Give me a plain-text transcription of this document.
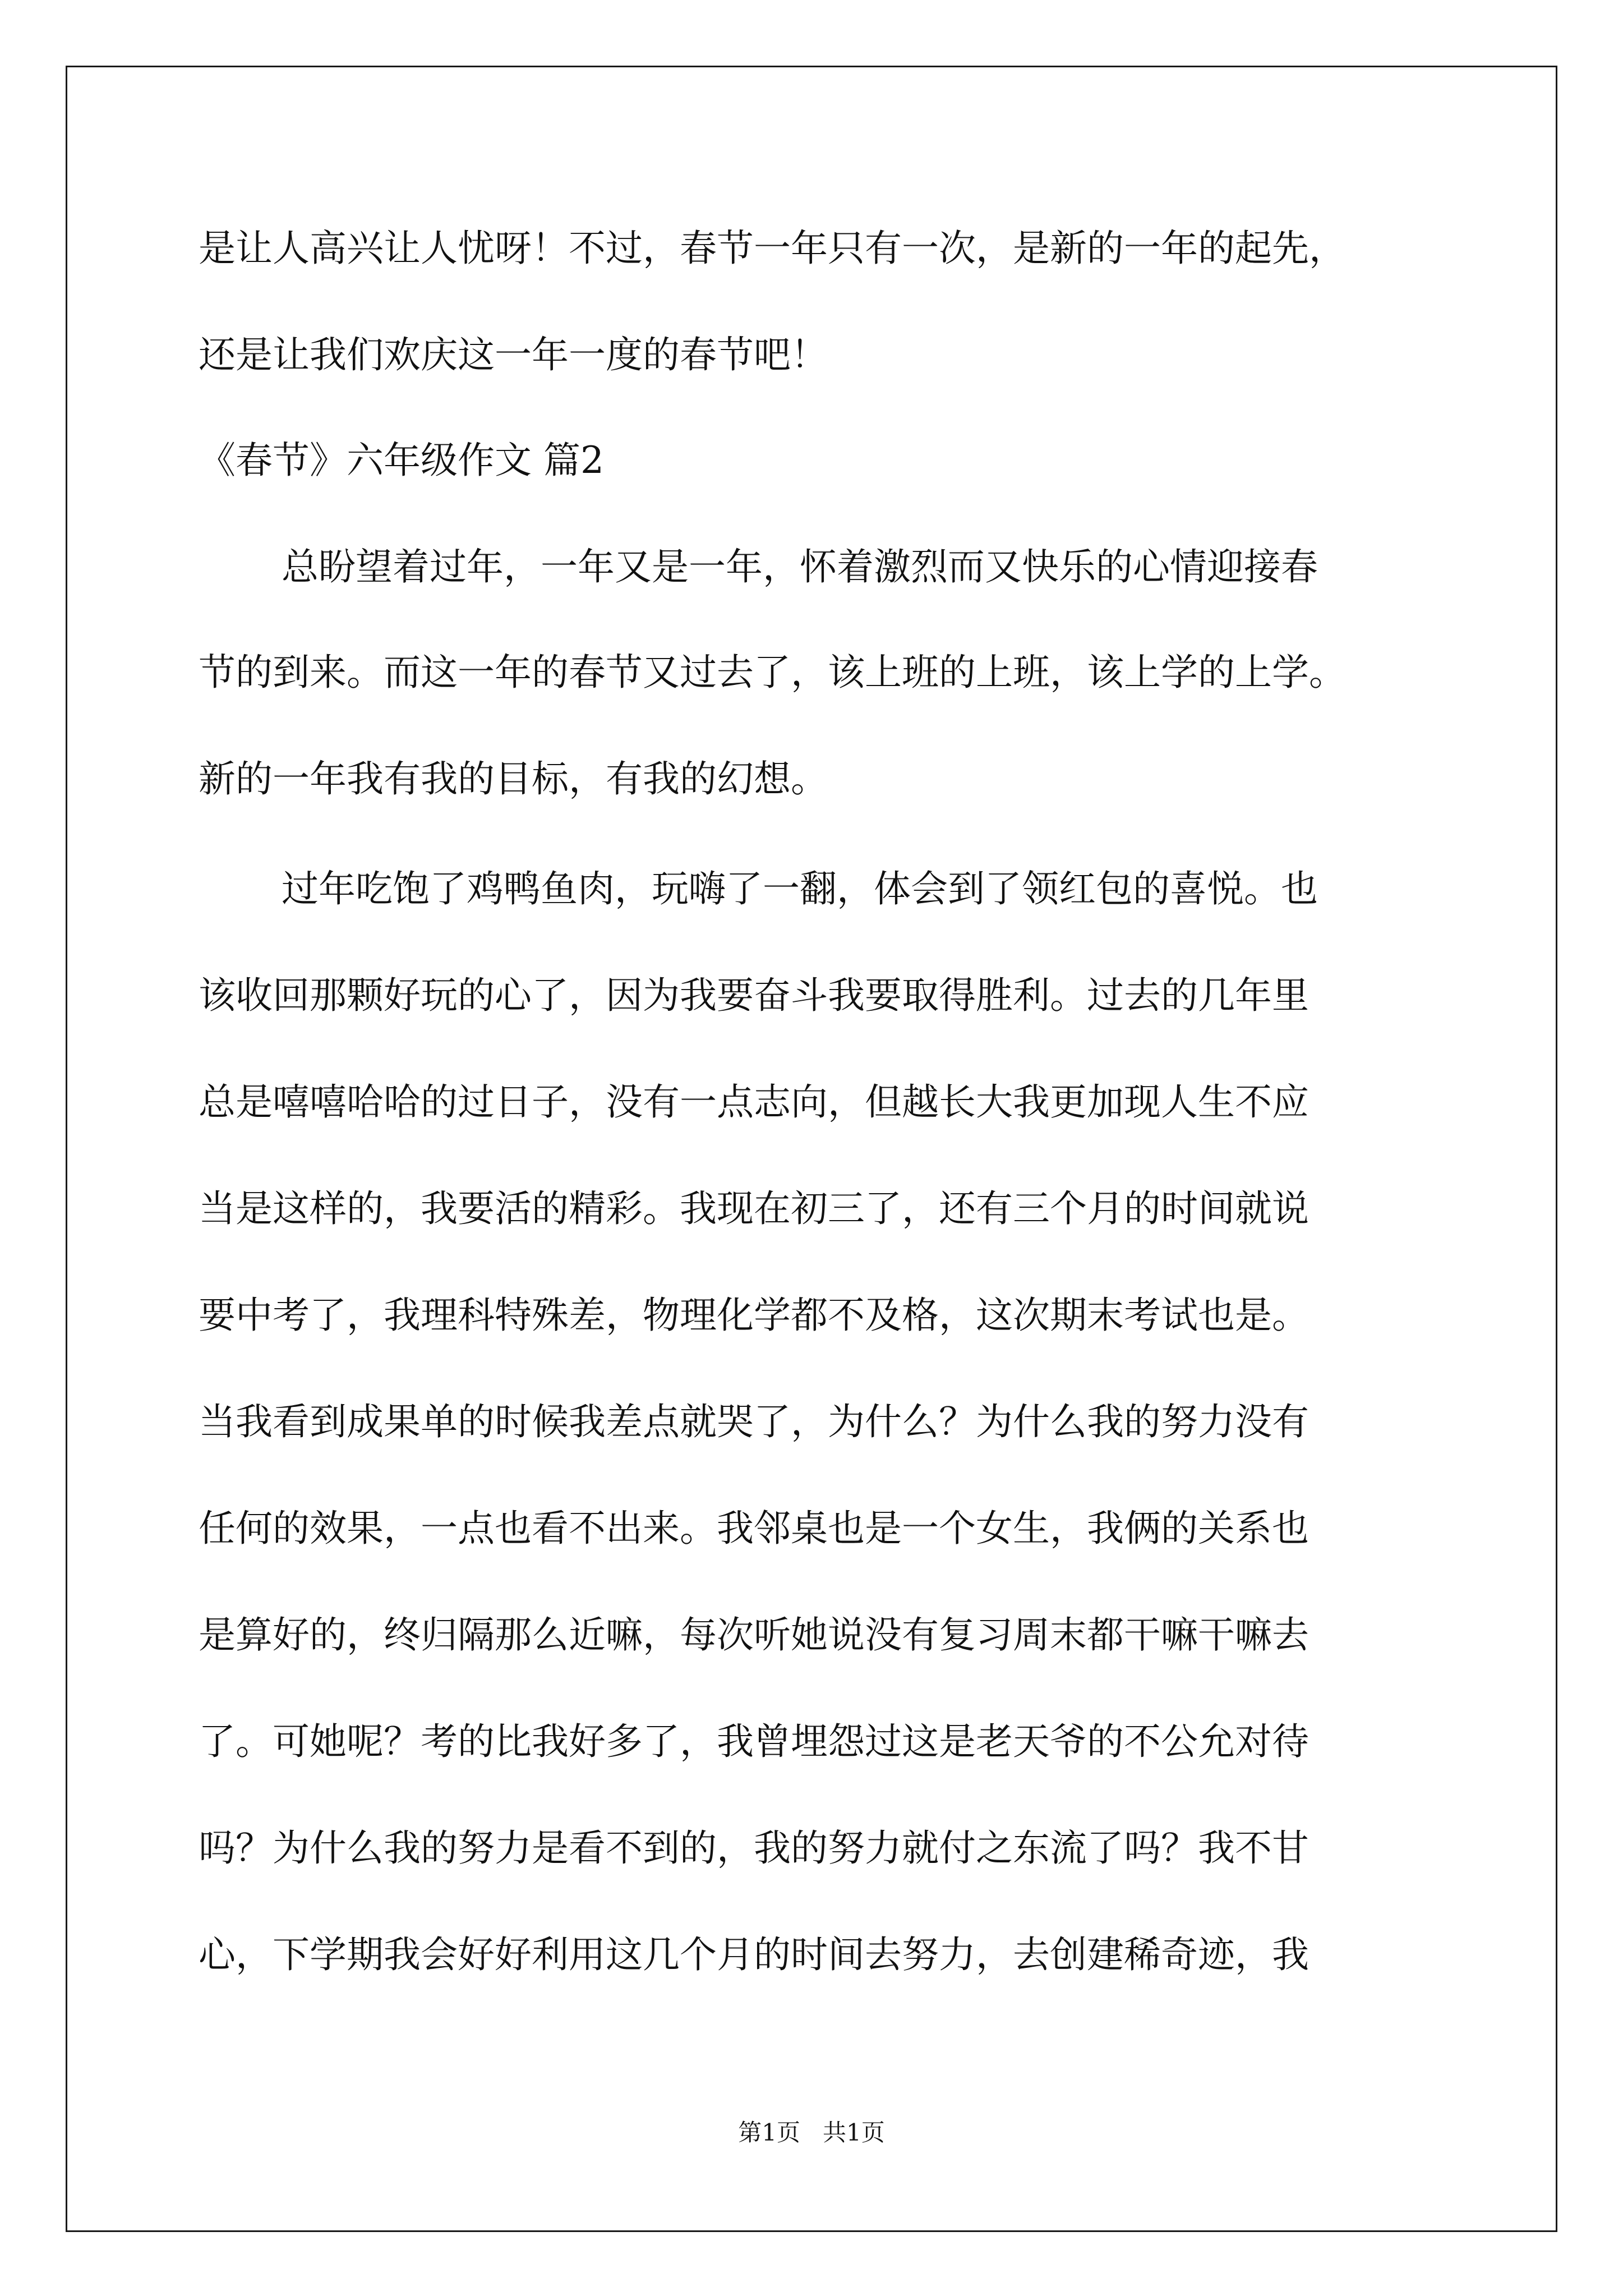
是让人高兴让人忧呀！不过，春节一年只有一次，是新的一年的起先，

还是让我们欢庆这一年一度的春节吧！

《春节》六年级作文 篇2

总盼望着过年，一年又是一年，怀着激烈而又快乐的心情迎接春

节的到来。而这一年的春节又过去了，该上班的上班，该上学的上学。

新的一年我有我的目标，有我的幻想。

过年吃饱了鸡鸭鱼肉，玩嗨了一翻，体会到了领红包的喜悦。也

该收回那颗好玩的心了，因为我要奋斗我要取得胜利。过去的几年里

总是嘻嘻哈哈的过日子，没有一点志向，但越长大我更加现人生不应

当是这样的，我要活的精彩。我现在初三了，还有三个月的时间就说

要中考了，我理科特殊差，物理化学都不及格，这次期末考试也是。

当我看到成果单的时候我差点就哭了，为什么？为什么我的努力没有

任何的效果，一点也看不出来。我邻桌也是一个女生，我俩的关系也

是算好的，终归隔那么近嘛，每次听她说没有复习周末都干嘛干嘛去

了。可她呢？考的比我好多了，我曾埋怨过这是老天爷的不公允对待

吗？为什么我的努力是看不到的，我的努力就付之东流了吗？我不甘

心，下学期我会好好利用这几个月的时间去努力，去创建稀奇迹，我

第1页   共1页
